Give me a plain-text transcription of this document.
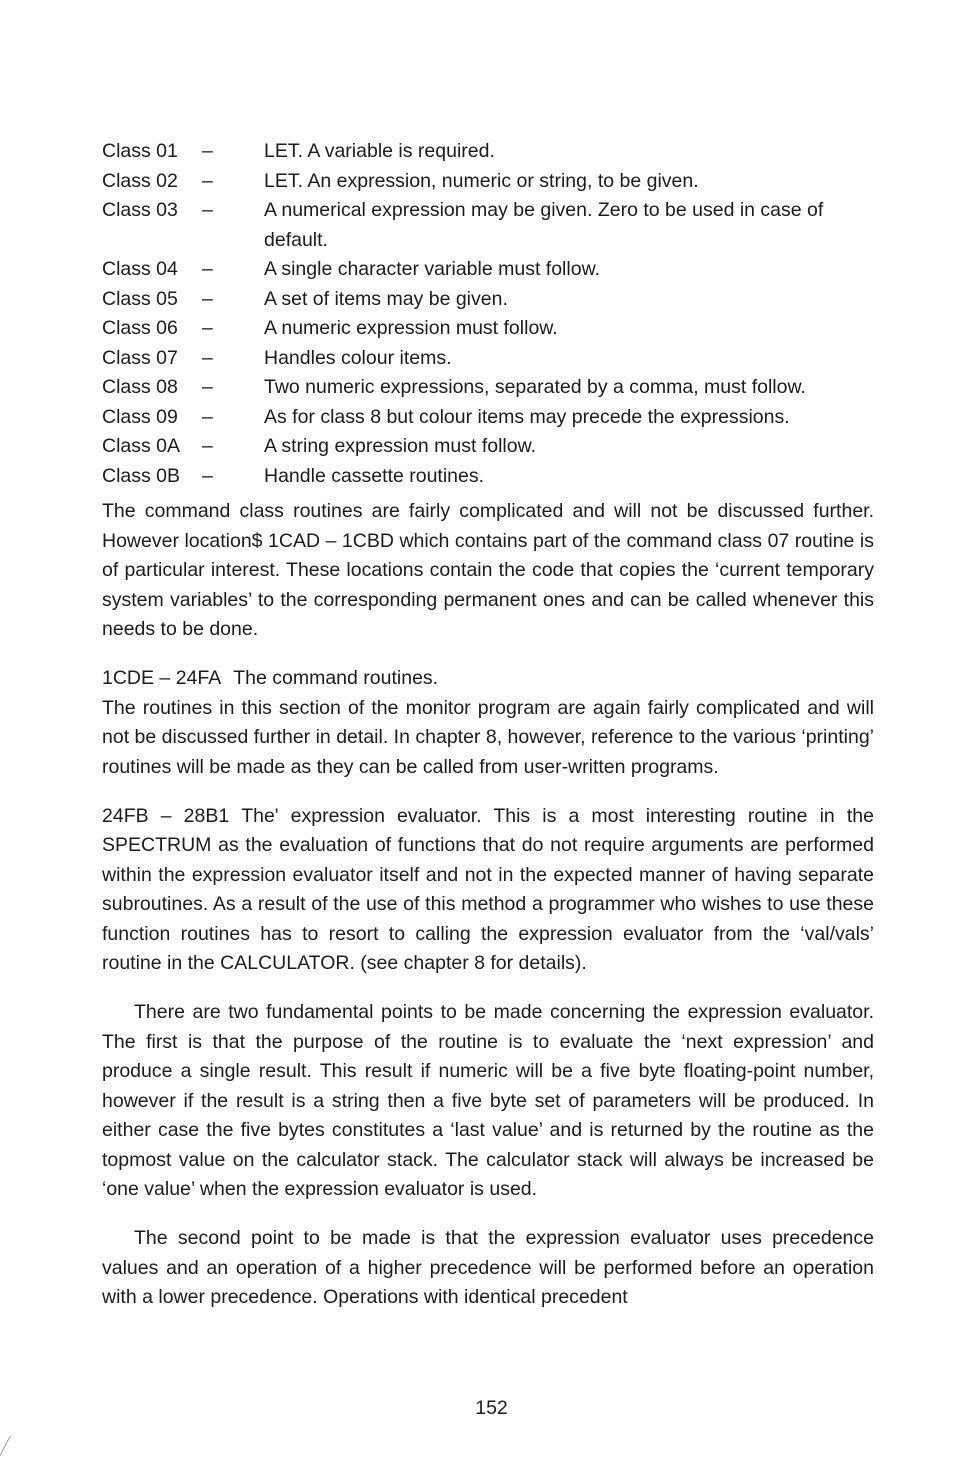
Class 01	–	LET. A variable is required.
Class 02	–	LET. An expression, numeric or string, to be given.
Class 03	–	A numerical expression may be given. Zero to be used in case of default.
Class 04	–	A single character variable must follow.
Class 05	–	A set of items may be given.
Class 06	–	A numeric expression must follow.
Class 07	–	Handles colour items.
Class 08	–	Two numeric expressions, separated by a comma, must follow.
Class 09	–	As for class 8 but colour items may precede the expressions.
Class 0A	–	A string expression must follow.
Class 0B	–	Handle cassette routines.

The command class routines are fairly complicated and will not be discussed further. However location$ 1CAD – 1CBD which contains part of the command class 07 routine is of particular interest. These locations contain the code that copies the ‘current temporary system variables’ to the corresponding permanent ones and can be called whenever this needs to be done.

1CDE – 24FA The command routines.

The routines in this section of the monitor program are again fairly complicated and will not be discussed further in detail. In chapter 8, however, reference to the various ‘printing’ routines will be made as they can be called from user-written programs.

24FB – 28B1 The' expression evaluator. This is a most interesting routine in the SPECTRUM as the evaluation of functions that do not require arguments are performed within the expression evaluator itself and not in the expected manner of having separate subroutines. As a result of the use of this method a programmer who wishes to use these function routines has to resort to calling the expression evaluator from the ‘val/vals’ routine in the CALCULATOR. (see chapter 8 for details).

There are two fundamental points to be made concerning the expression evaluator. The first is that the purpose of the routine is to evaluate the ‘next expression’ and produce a single result. This result if numeric will be a five byte floating-point number, however if the result is a string then a five byte set of parameters will be produced. In either case the five bytes constitutes a ‘last value’ and is returned by the routine as the topmost value on the calculator stack. The calculator stack will always be increased be ‘one value’ when the expression evaluator is used.

The second point to be made is that the expression evaluator uses precedence values and an operation of a higher precedence will be performed before an operation with a lower precedence. Operations with identical precedent

152
